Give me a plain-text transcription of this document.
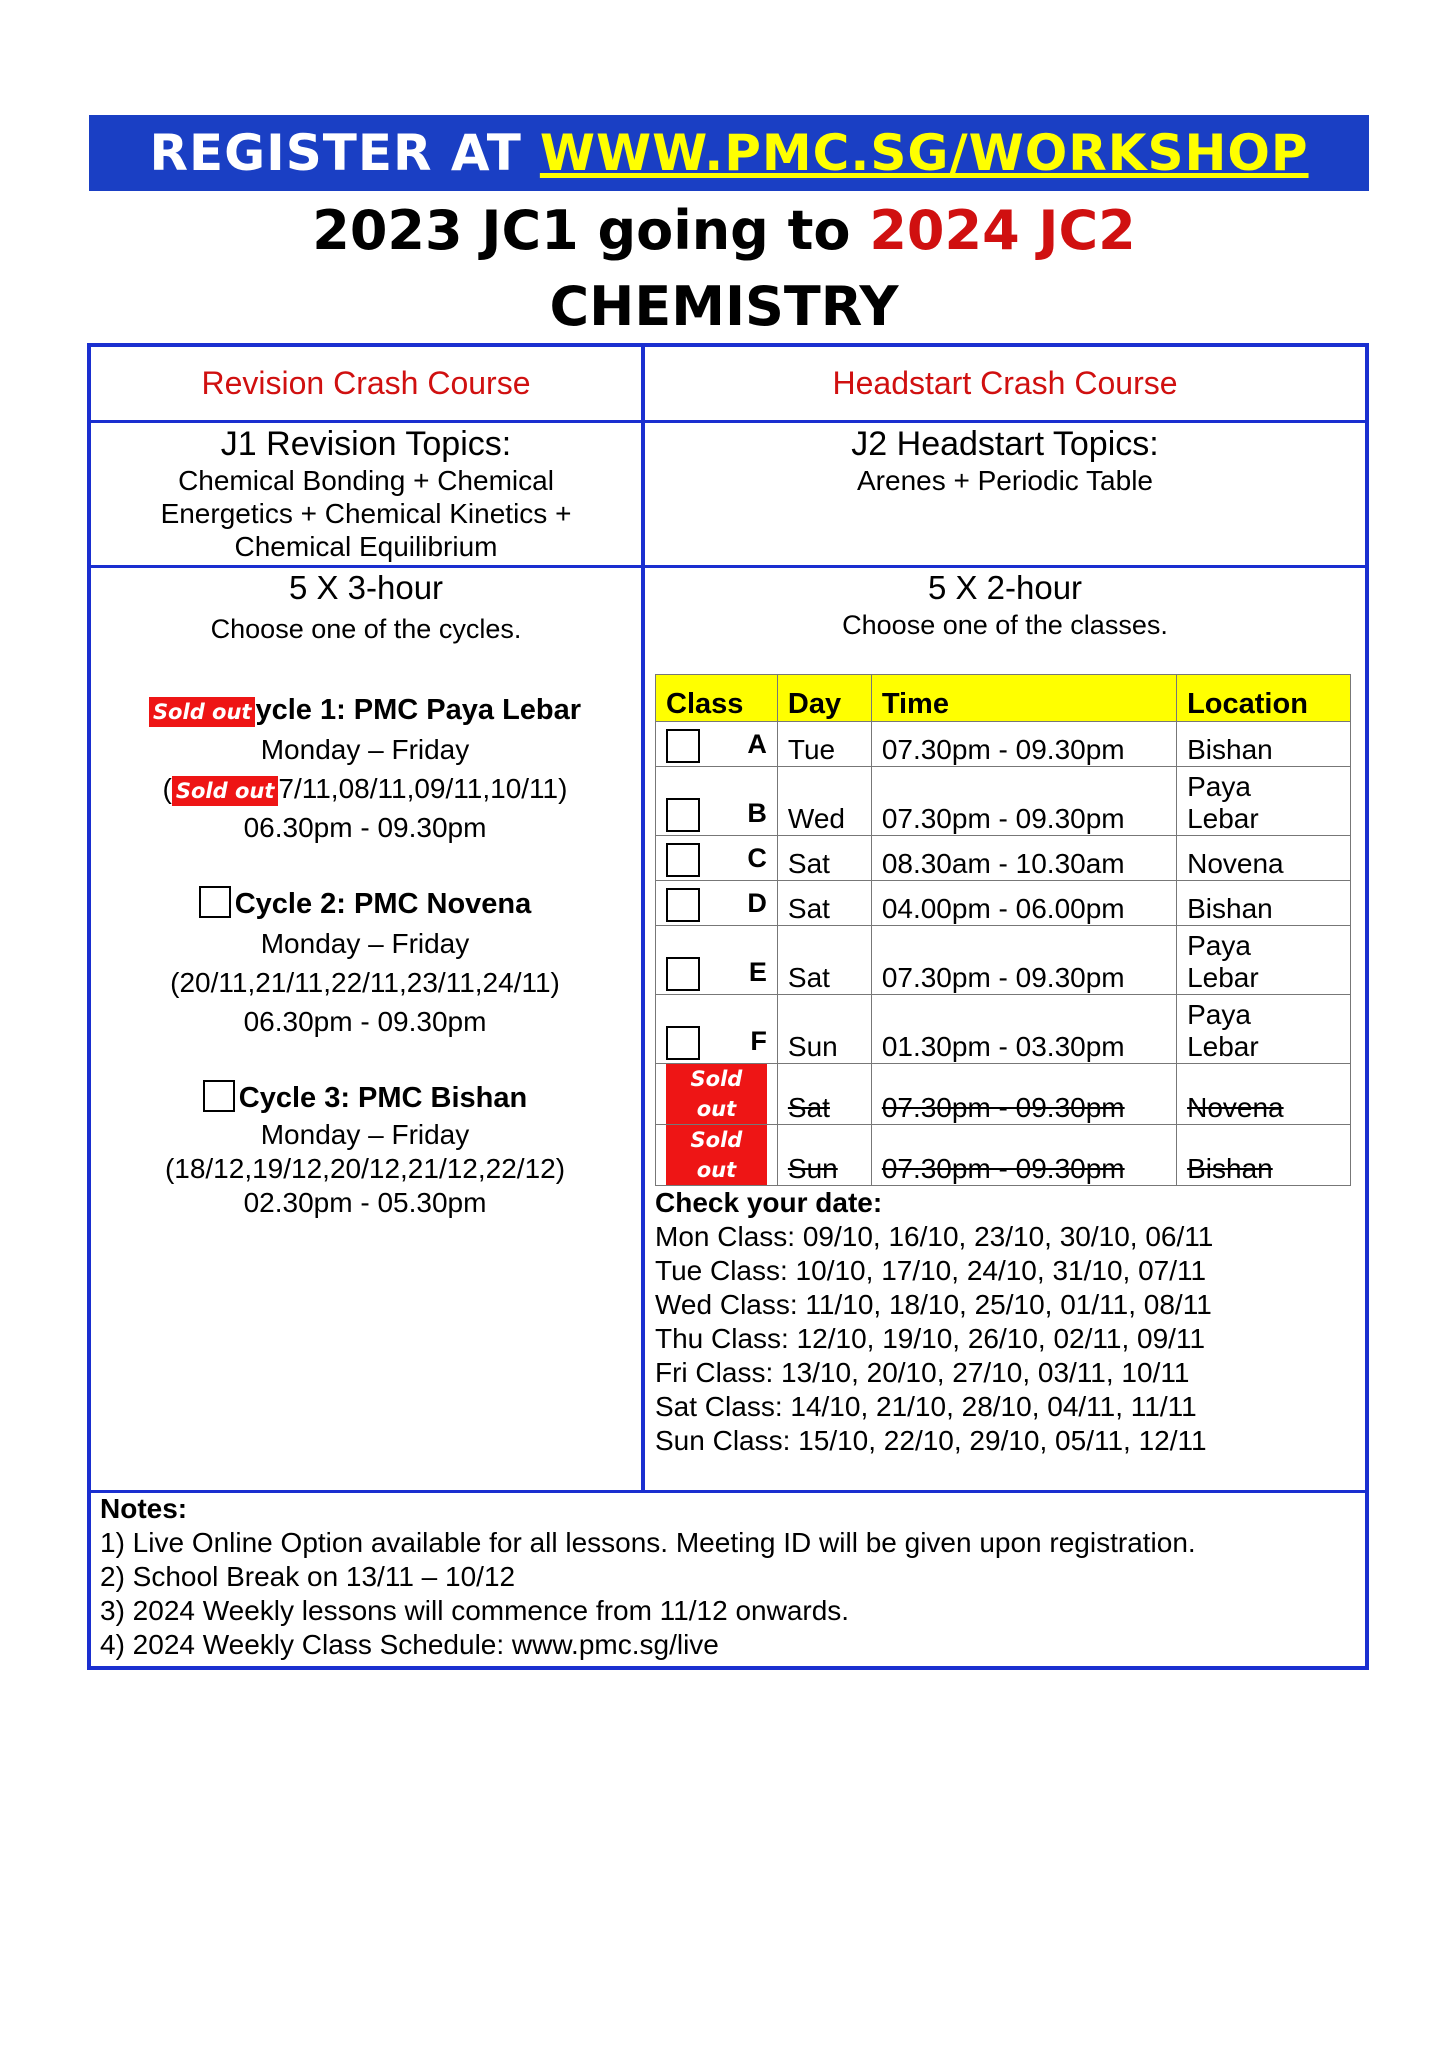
REGISTER AT WWW.PMC.SG/WORKSHOP
2023 JC1 going to 2024 JC2
CHEMISTRY
Revision Crash Course	Headstart Crash Course
J1 Revision Topics:
Chemical Bonding + Chemical
Energetics + Chemical Kinetics +
Chemical Equilibrium
J2 Headstart Topics:
Arenes + Periodic Table
5 X 3-hour
Choose one of the cycles.
5 X 2-hour
Choose one of the classes.
Sold out ycle 1: PMC Paya Lebar
Monday – Friday
( Sold out 7/11,08/11,09/11,10/11)
06.30pm - 09.30pm
Cycle 2: PMC Novena
Monday – Friday
(20/11,21/11,22/11,23/11,24/11)
06.30pm - 09.30pm
Cycle 3: PMC Bishan
Monday – Friday
(18/12,19/12,20/12,21/12,22/12)
02.30pm - 05.30pm
Class	Day	Time	Location

A	Tue	07.30pm - 09.30pm	Bishan

B	Wed	07.30pm - 09.30pm	Paya
Lebar

C	Sat	08.30am - 10.30am	Novena

D	Sat	04.00pm - 06.00pm	Bishan

E	Sat	07.30pm - 09.30pm	Paya
Lebar

F	Sun	01.30pm - 03.30pm	Paya
Lebar

Sold out	Sat	07.30pm - 09.30pm	Novena
Sold out	Sun	07.30pm - 09.30pm	Bishan
Check your date:
Mon Class: 09/10, 16/10, 23/10, 30/10, 06/11
Tue Class: 10/10, 17/10, 24/10, 31/10, 07/11
Wed Class: 11/10, 18/10, 25/10, 01/11, 08/11
Thu Class: 12/10, 19/10, 26/10, 02/11, 09/11
Fri Class: 13/10, 20/10, 27/10, 03/11, 10/11
Sat Class: 14/10, 21/10, 28/10, 04/11, 11/11
Sun Class: 15/10, 22/10, 29/10, 05/11, 12/11
Notes:
1) Live Online Option available for all lessons. Meeting ID will be given upon registration.
2) School Break on 13/11 – 10/12
3) 2024 Weekly lessons will commence from 11/12 onwards.
4) 2024 Weekly Class Schedule: www.pmc.sg/live
